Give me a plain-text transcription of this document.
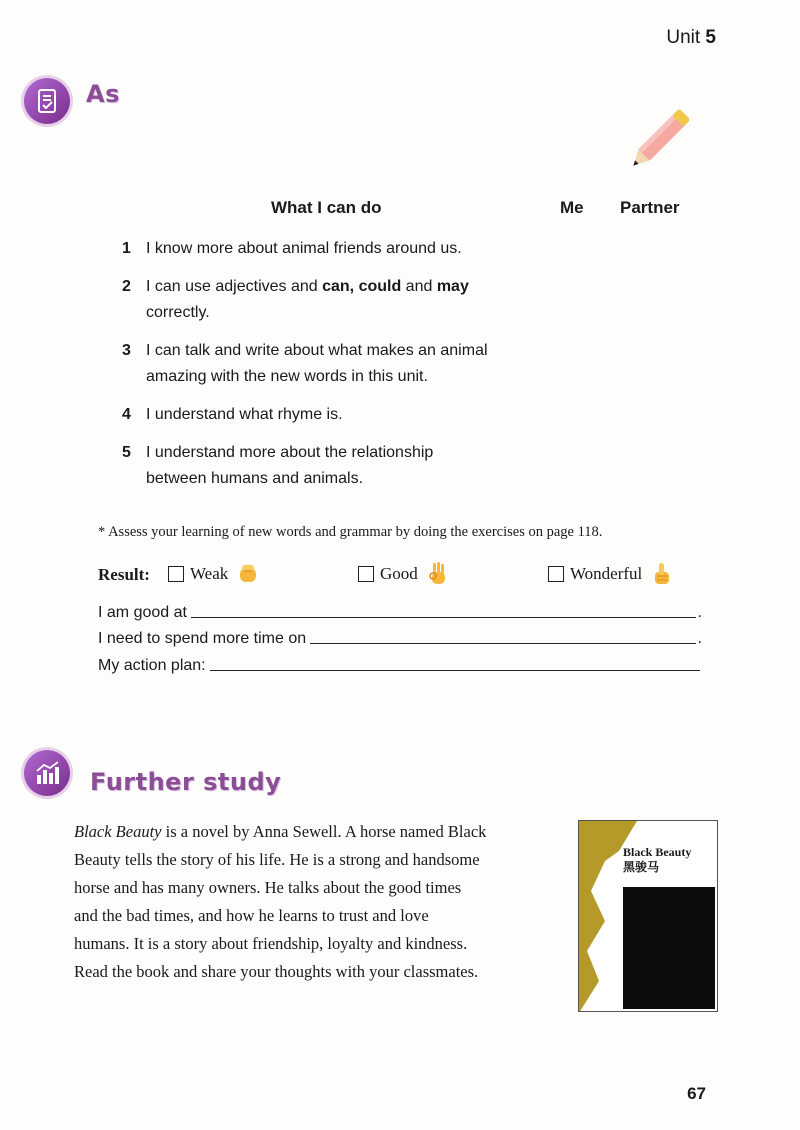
Unit 5
As
What I can do	Me Partner
1 I know more about animal friends around us.
2 I can use adjectives and can, could and may
correctly.
3 I can talk and write about what makes an animal
amazing with the new words in this unit.
4 I understand what rhyme is.
5 I understand more about the relationship
between humans and animals.
* Assess your learning of new words and grammar by doing the exercises on page 118.
Result: Weak	Good	Wonderful
I am good at	.
I need to spend more time on	.
My action plan:
Further study
Black Beauty is a novel by Anna Sewell. A horse named Black
Beauty tells the story of his life. He is a strong and handsome
horse and has many owners. He talks about the good times
and the bad times, and how he learns to trust and love
humans. It is a story about friendship, loyalty and kindness.
Read the book and share your thoughts with your classmates.
Black Beauty
黑骏马
67
